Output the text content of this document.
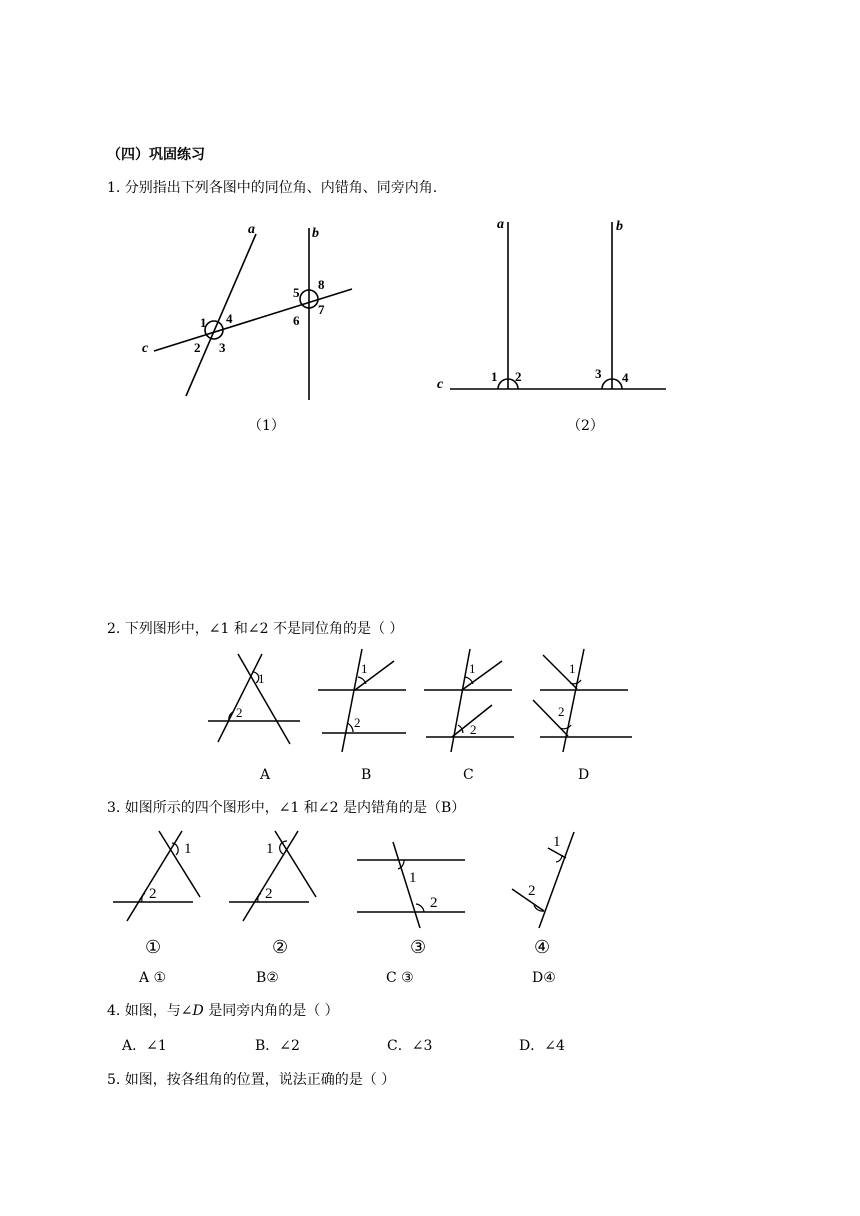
（四）巩固练习
1. 分别指出下列各图中的同位角、内错角、同旁内角.
a	b
c
1
2 3
4
5
6
7
8
（1）
a	b
c
1 2	3 4
（2）
2. 下列图形中，∠1 和∠2 不是同位角的是（ ）
1
2
1
2
1
2
1
2
A	B	C	D
3. 如图所示的四个图形中，∠1 和∠2 是内错角的是（B）
1
2
1
2
1
2
1
2
①	②	③	④
A ①	B②	C ③	D④
4. 如图，与∠D 是同旁内角的是（ ）
A．∠1	B．∠2	C．∠3	D．∠4
5. 如图，按各组角的位置，说法正确的是（ ）
